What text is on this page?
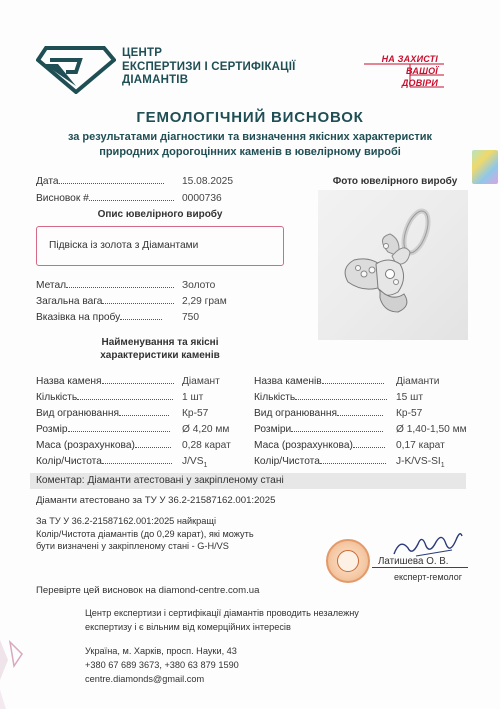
ЦЕНТР
ЕКСПЕРТИЗИ І СЕРТИФІКАЦІЇ
ДІАМАНТІВ
НА ЗАХИСТІ
ВАШОЇ
ДОВІРИ
ГЕМОЛОГІЧНИЙ ВИСНОВОК
за результатами діагностики та визначення якісних характеристик
природних дорогоцінних каменів в ювелірному виробі
Дата	15.08.2025
Висновок #	0000736
Опис ювелірного виробу
Фото ювелірного виробу
Підвіска із золота з Діамантами
Метал	Золото
Загальна вага	2,29 грам
Вказівка на пробу	750
Найменування та якісні
характеристики каменів
Назва каменя	Діамант
Кількість	1 шт
Вид огранювання	Кр-57
Розмір	Ø 4,20 мм
Маса (розрахункова)	0,28 карат
Колір/Чистота	$J/VS_1$
Назва каменів	Діаманти
Кількість	15 шт
Вид огранювання	Кр-57
Розміри	Ø 1,40-1,50 мм
Маса (розрахункова)	0,17 карат
Колір/Чистота	$J-K/VS-SI_1$
Коментар: Діаманти атестовані у закріпленому стані
Діаманти атестовано за ТУ У 36.2-21587162.001:2025
За ТУ У 36.2-21587162.001:2025 найкращі
Колір/Чистота діамантів (до 0,29 карат), які можуть
бути визначені у закріпленому стані - G-H/VS
Латишева О. В.
експерт-гемолог
Перевірте цей висновок на diamond-centre.com.ua
Центр експертизи і сертифікації діамантів проводить незалежну
експертизу і є вільним від комерційних інтересів
Україна, м. Харків, просп. Науки, 43
+380 67 689 3673, +380 63 879 1590
centre.diamonds@gmail.com
